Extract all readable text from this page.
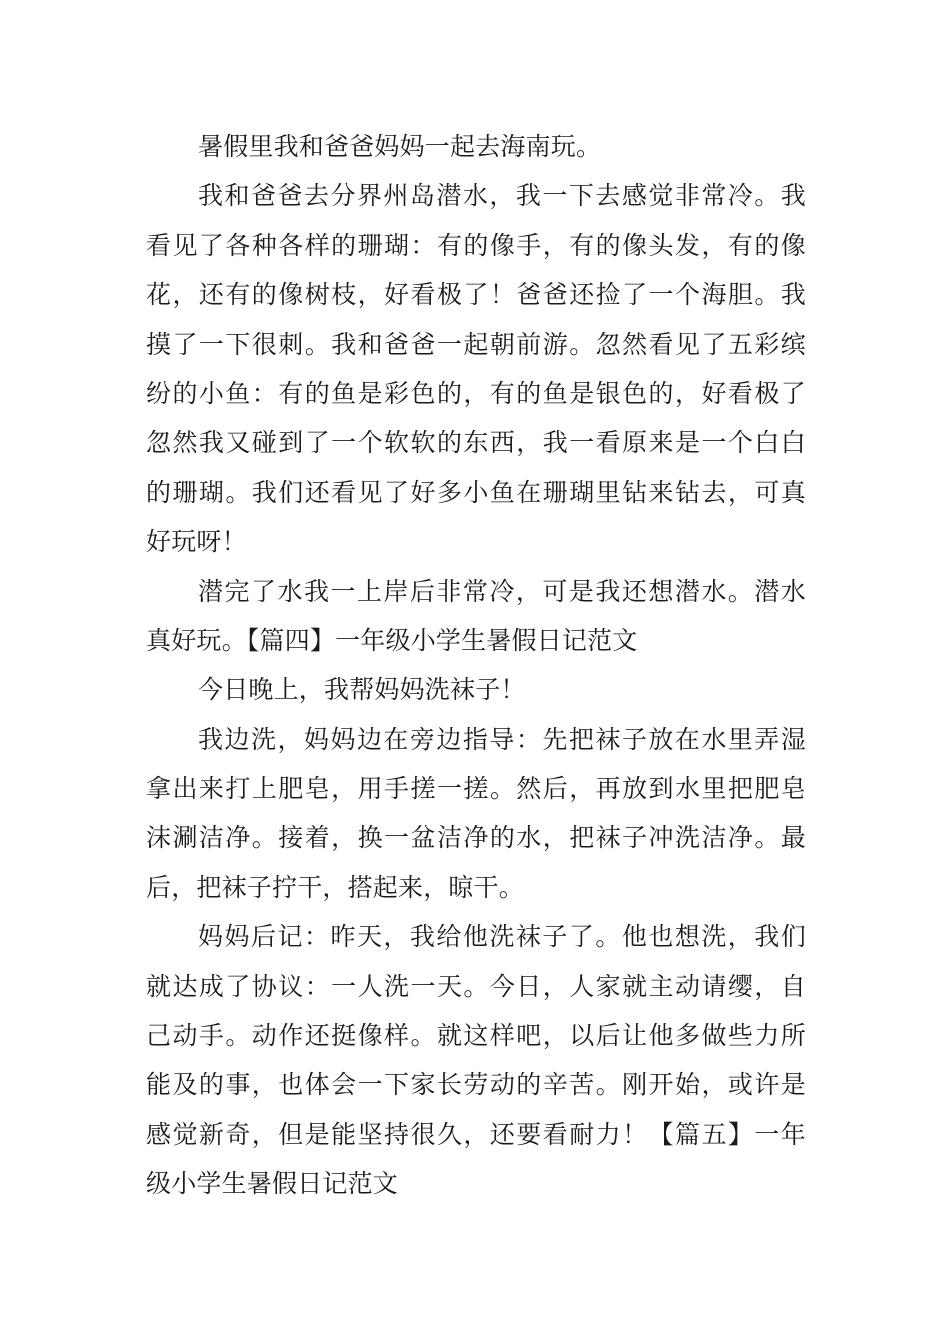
暑假里我和爸爸妈妈一起去海南玩。

我和爸爸去分界州岛潜水，我一下去感觉非常冷。我
看见了各种各样的珊瑚：有的像手，有的像头发，有的像
花，还有的像树枝，好看极了！爸爸还捡了一个海胆。我
摸了一下很刺。我和爸爸一起朝前游。忽然看见了五彩缤
纷的小鱼：有的鱼是彩色的，有的鱼是银色的，好看极了
忽然我又碰到了一个软软的东西，我一看原来是一个白白
的珊瑚。我们还看见了好多小鱼在珊瑚里钻来钻去，可真
好玩呀！

潜完了水我一上岸后非常冷，可是我还想潜水。潜水
真好玩。【篇四】一年级小学生暑假日记范文

今日晚上，我帮妈妈洗袜子！

我边洗，妈妈边在旁边指导：先把袜子放在水里弄湿
拿出来打上肥皂，用手搓一搓。然后，再放到水里把肥皂
沫涮洁净。接着，换一盆洁净的水，把袜子冲洗洁净。最
后，把袜子拧干，搭起来，晾干。

妈妈后记：昨天，我给他洗袜子了。他也想洗，我们
就达成了协议：一人洗一天。今日，人家就主动请缨，自
己动手。动作还挺像样。就这样吧，以后让他多做些力所
能及的事，也体会一下家长劳动的辛苦。刚开始，或许是
感觉新奇，但是能坚持很久，还要看耐力！【篇五】一年
级小学生暑假日记范文
